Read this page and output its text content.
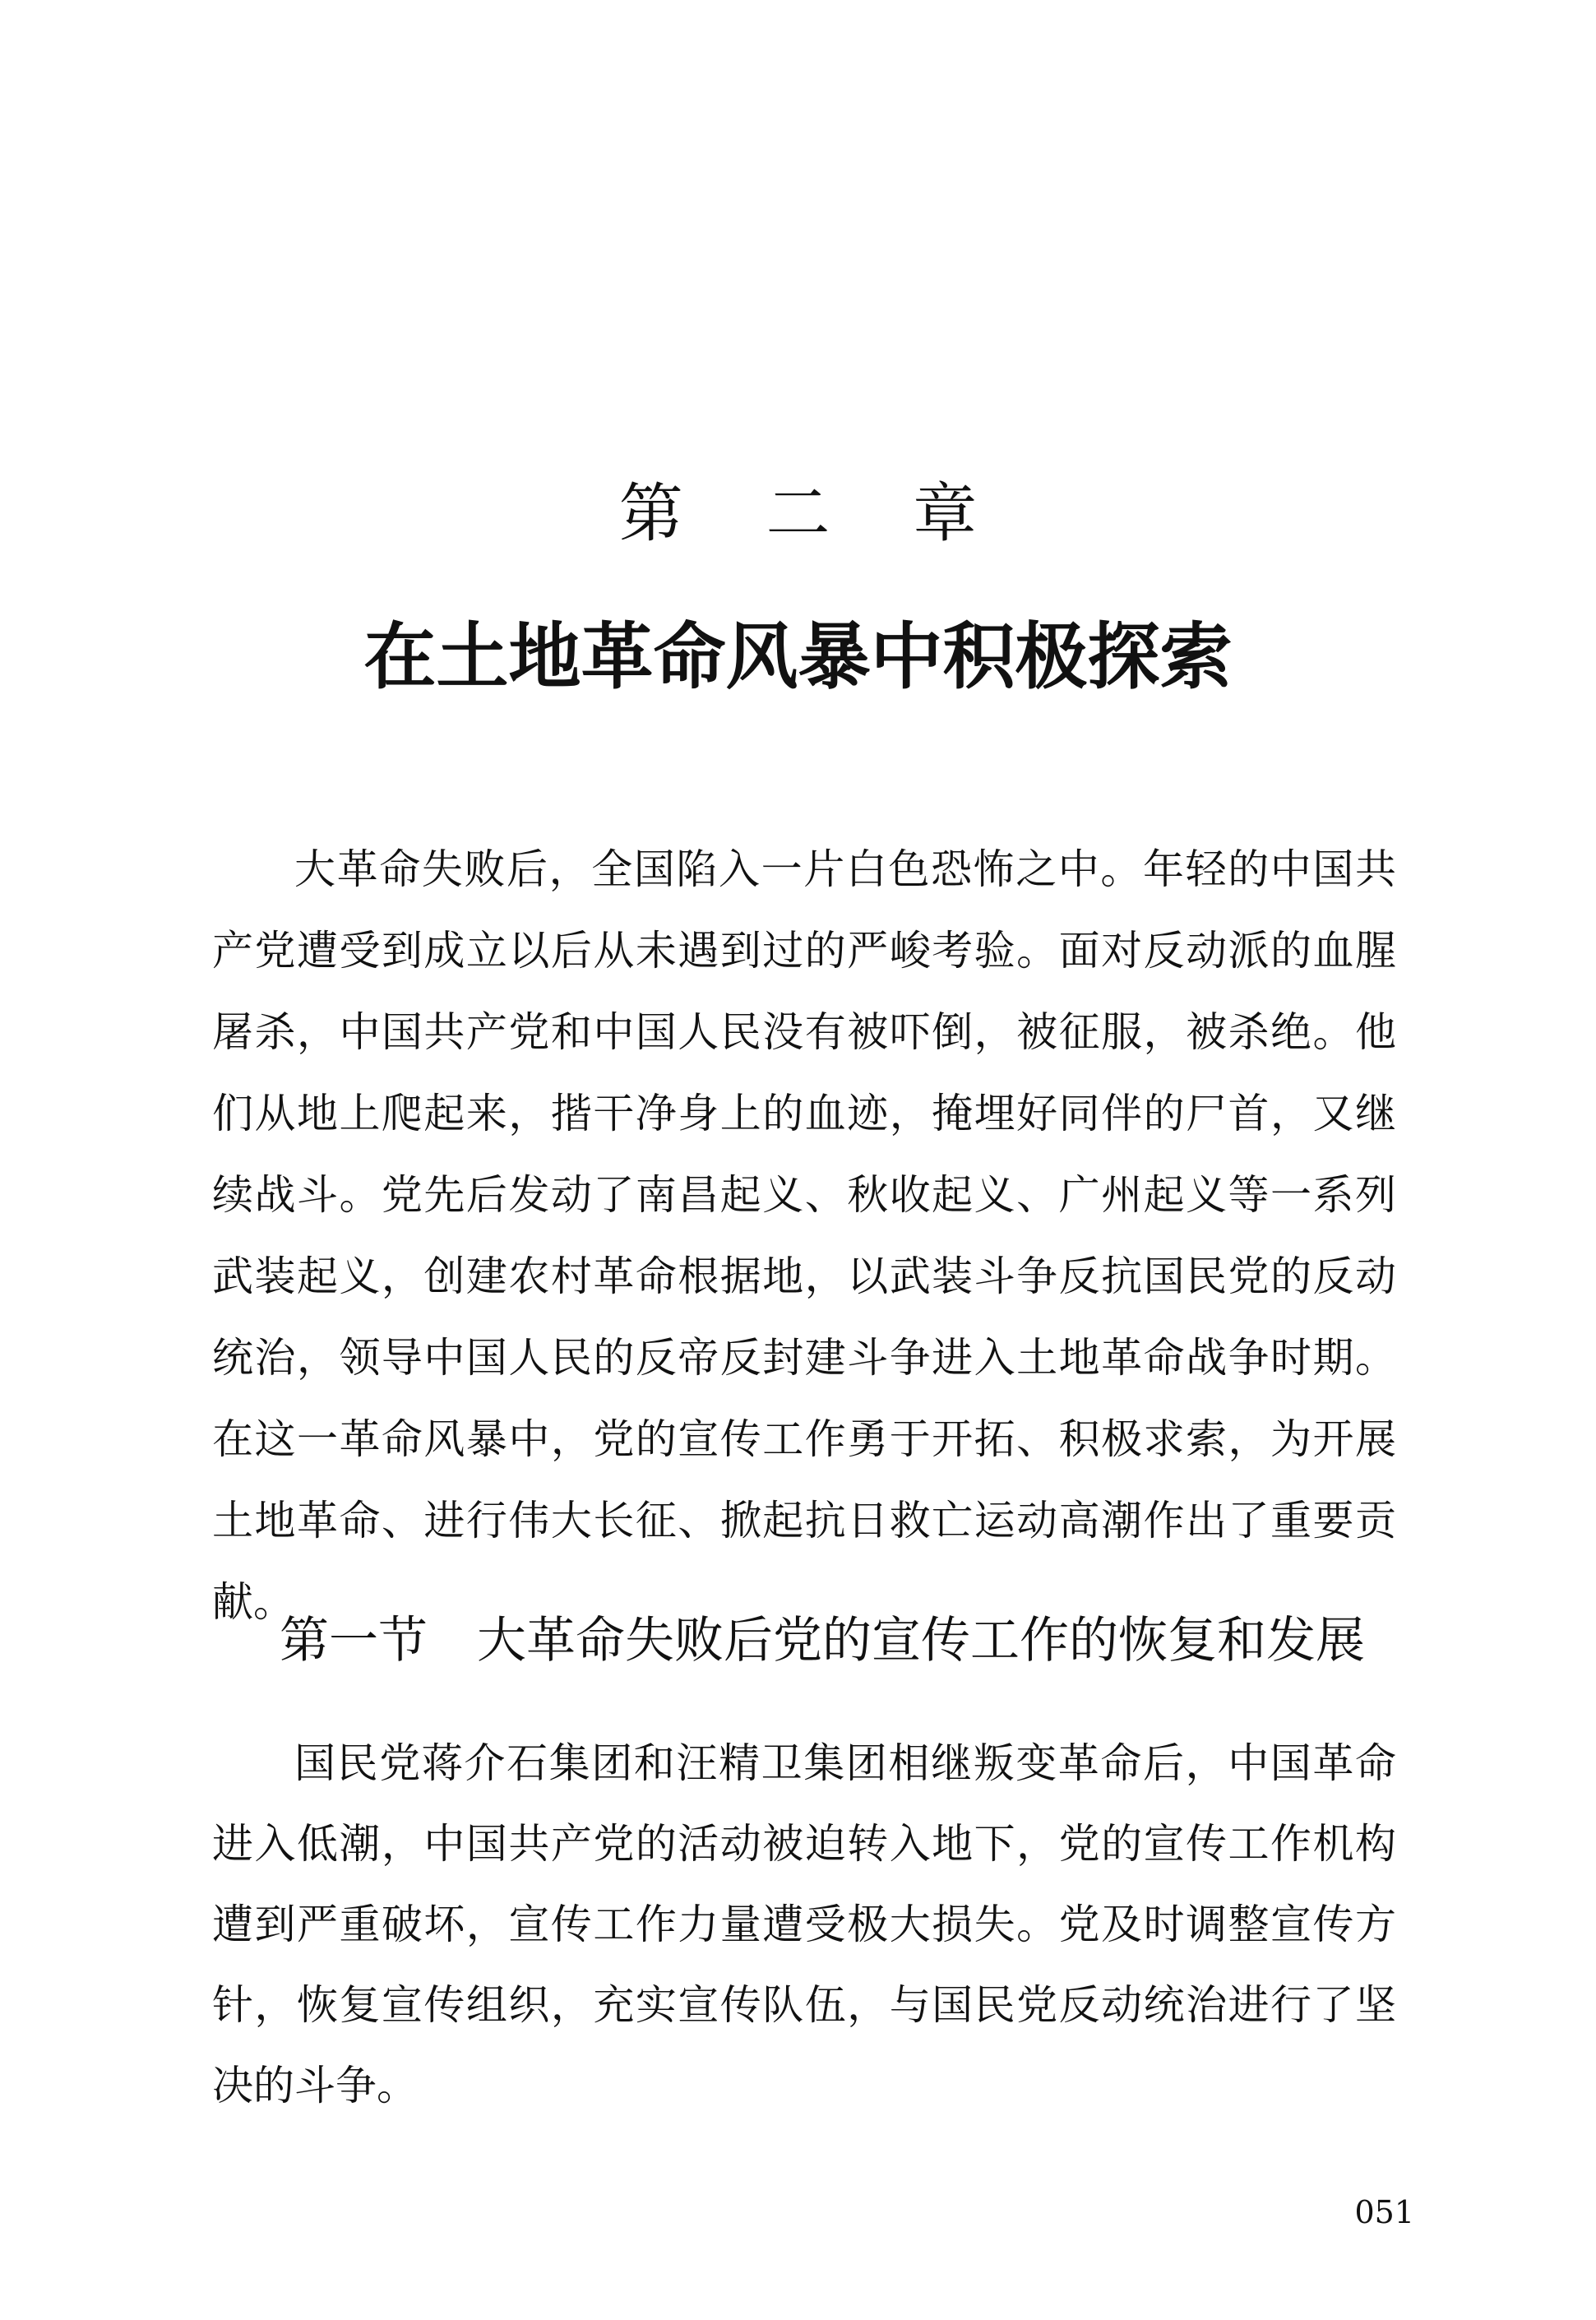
第 二 章
在土地革命风暴中积极探索

大革命失败后，全国陷入一片白色恐怖之中。年轻的中国共产党遭受到成立以后从未遇到过的严峻考验。面对反动派的血腥屠杀，中国共产党和中国人民没有被吓倒，被征服，被杀绝。他们从地上爬起来，揩干净身上的血迹，掩埋好同伴的尸首，又继续战斗。党先后发动了南昌起义、秋收起义、广州起义等一系列武装起义，创建农村革命根据地，以武装斗争反抗国民党的反动统治，领导中国人民的反帝反封建斗争进入土地革命战争时期。在这一革命风暴中，党的宣传工作勇于开拓、积极求索，为开展土地革命、进行伟大长征、掀起抗日救亡运动高潮作出了重要贡献。

第一节 大革命失败后党的宣传工作的恢复和发展

国民党蒋介石集团和汪精卫集团相继叛变革命后，中国革命进入低潮，中国共产党的活动被迫转入地下，党的宣传工作机构遭到严重破坏，宣传工作力量遭受极大损失。党及时调整宣传方针，恢复宣传组织，充实宣传队伍，与国民党反动统治进行了坚决的斗争。

051
